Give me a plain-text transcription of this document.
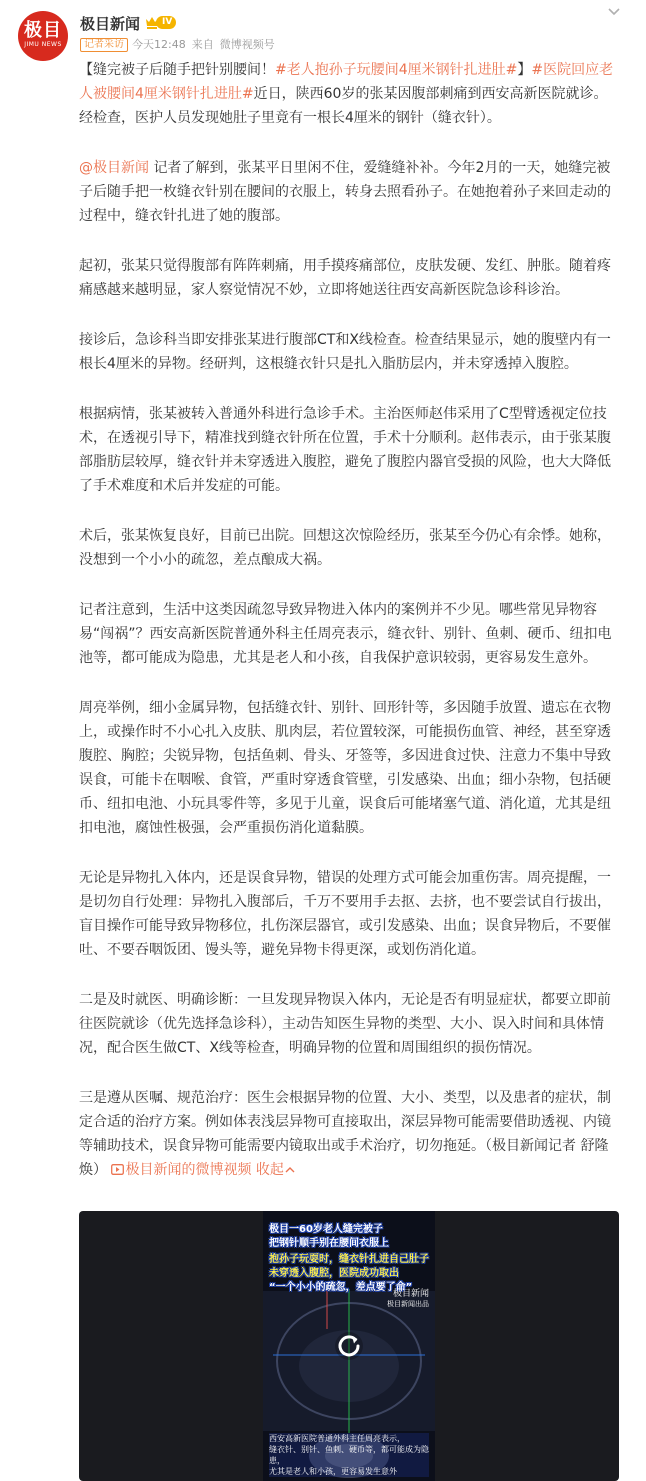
极目
JIMU NEWS
极目新闻	IV
记者采访 今天12:48 来自 微博视频号

【缝完被子后随手把针别腰间！#老人抱孙子玩腰间4厘米钢针扎进肚#】#医院回应老人被腰间4厘米钢针扎进肚#近日，陕西60岁的张某因腹部刺痛到西安高新医院就诊。经检查，医护人员发现她肚子里竟有一根长4厘米的钢针（缝衣针）。

@极目新闻 记者了解到，张某平日里闲不住，爱缝缝补补。今年2月的一天，她缝完被子后随手把一枚缝衣针别在腰间的衣服上，转身去照看孙子。在她抱着孙子来回走动的过程中，缝衣针扎进了她的腹部。

起初，张某只觉得腹部有阵阵刺痛，用手摸疼痛部位，皮肤发硬、发红、肿胀。随着疼痛感越来越明显，家人察觉情况不妙，立即将她送往西安高新医院急诊科诊治。

接诊后，急诊科当即安排张某进行腹部CT和X线检查。检查结果显示，她的腹壁内有一根长4厘米的异物。经研判，这根缝衣针只是扎入脂肪层内，并未穿透掉入腹腔。

根据病情，张某被转入普通外科进行急诊手术。主治医师赵伟采用了C型臂透视定位技术，在透视引导下，精准找到缝衣针所在位置，手术十分顺利。赵伟表示，由于张某腹部脂肪层较厚，缝衣针并未穿透进入腹腔，避免了腹腔内器官受损的风险，也大大降低了手术难度和术后并发症的可能。

术后，张某恢复良好，目前已出院。回想这次惊险经历，张某至今仍心有余悸。她称，没想到一个小小的疏忽，差点酿成大祸。

记者注意到，生活中这类因疏忽导致异物进入体内的案例并不少见。哪些常见异物容易“闯祸”？西安高新医院普通外科主任周亮表示，缝衣针、别针、鱼刺、硬币、纽扣电池等，都可能成为隐患，尤其是老人和小孩，自我保护意识较弱，更容易发生意外。

周亮举例，细小金属异物，包括缝衣针、别针、回形针等，多因随手放置、遗忘在衣物上，或操作时不小心扎入皮肤、肌肉层，若位置较深，可能损伤血管、神经，甚至穿透腹腔、胸腔；尖锐异物，包括鱼刺、骨头、牙签等，多因进食过快、注意力不集中导致误食，可能卡在咽喉、食管，严重时穿透食管壁，引发感染、出血；细小杂物，包括硬币、纽扣电池、小玩具零件等，多见于儿童，误食后可能堵塞气道、消化道，尤其是纽扣电池，腐蚀性极强，会严重损伤消化道黏膜。

无论是异物扎入体内，还是误食异物，错误的处理方式可能会加重伤害。周亮提醒，一是切勿自行处理：异物扎入腹部后，千万不要用手去抠、去挤，也不要尝试自行拔出，盲目操作可能导致异物移位，扎伤深层器官，或引发感染、出血；误食异物后，不要催吐、不要吞咽饭团、馒头等，避免异物卡得更深，或划伤消化道。

二是及时就医、明确诊断：一旦发现异物误入体内，无论是否有明显症状，都要立即前往医院就诊（优先选择急诊科），主动告知医生异物的类型、大小、误入时间和具体情况，配合医生做CT、X线等检查，明确异物的位置和周围组织的损伤情况。

三是遵从医嘱、规范治疗：医生会根据异物的位置、大小、类型，以及患者的症状，制定合适的治疗方案。例如体表浅层异物可直接取出，深层异物可能需要借助透视、内镜等辅助技术，误食异物可能需要内镜取出或手术治疗，切勿拖延。（极目新闻记者 舒隆焕） 极目新闻的微博视频 收起

极目一60岁老人缝完被子
把钢针顺手别在腰间衣服上
抱孙子玩耍时，缝衣针扎进自己肚子
未穿透入腹腔，医院成功取出
“一个小小的疏忽，差点要了命”
极目新闻
极目新闻出品
西安高新医院普通外科主任周亮表示，
缝衣针、别针、鱼刺、硬币等，都可能成为隐患，
尤其是老人和小孩，更容易发生意外
